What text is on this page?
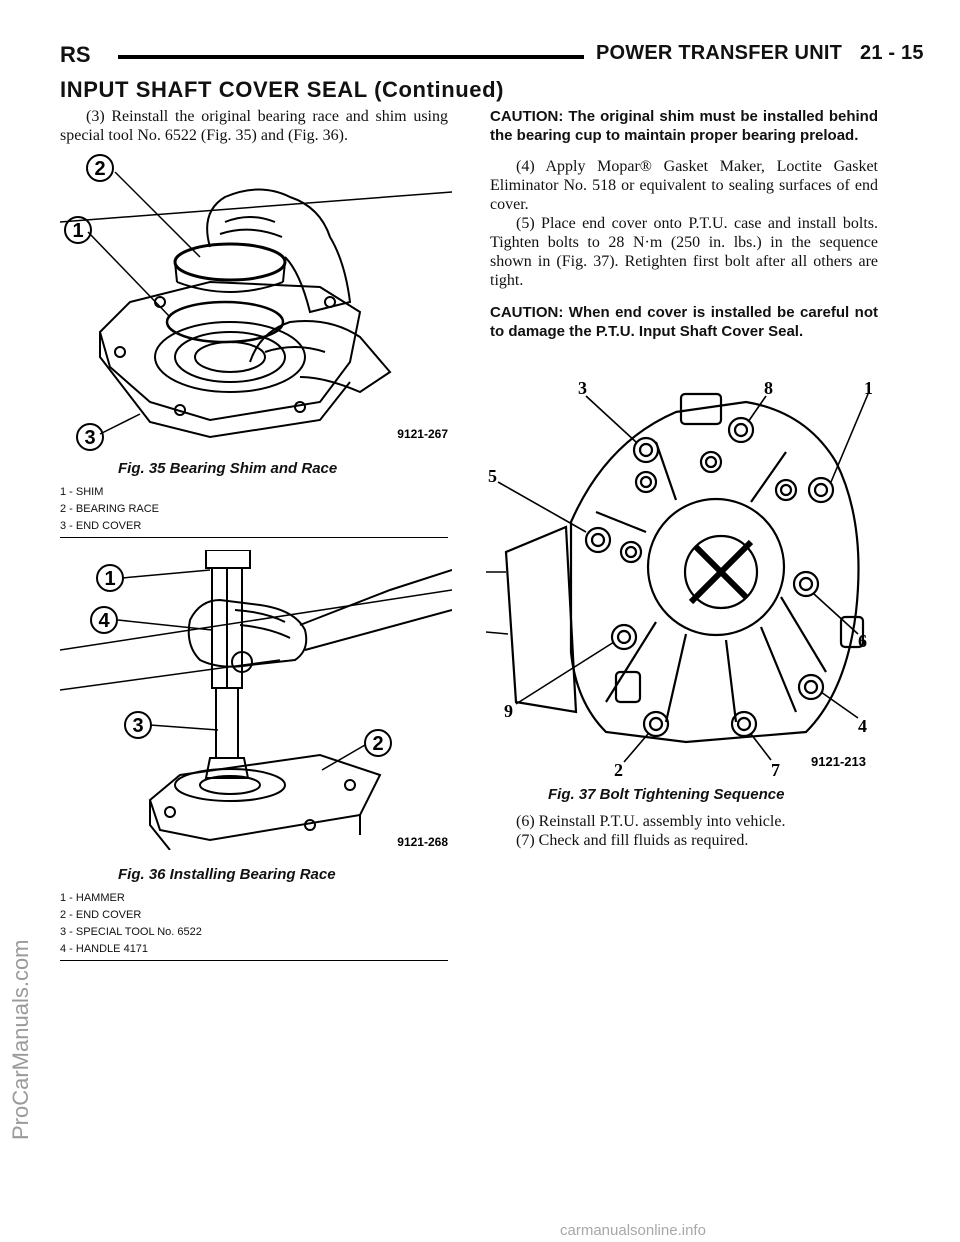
RS	POWER TRANSFER UNIT 21 - 15
INPUT SHAFT COVER SEAL (Continued)

(3) Reinstall the original bearing race and shim using special tool No. 6522 (Fig. 35) and (Fig. 36).

2
1
3	9121-267
Fig. 35 Bearing Shim and Race
1 - SHIM
2 - BEARING RACE
3 - END COVER
1
4
3
2
9121-268
Fig. 36 Installing Bearing Race
1 - HAMMER
2 - END COVER
3 - SPECIAL TOOL No. 6522
4 - HANDLE 4171

CAUTION: The original shim must be installed behind the bearing cup to maintain proper bearing preload.

(4) Apply Mopar® Gasket Maker, Loctite Gasket Eliminator No. 518 or equivalent to sealing surfaces of end cover.

(5) Place end cover onto P.T.U. case and install bolts. Tighten bolts to 28 N·m (250 in. lbs.) in the sequence shown in (Fig. 37). Retighten first bolt after all others are tight.

CAUTION: When end cover is installed be careful not to damage the P.T.U. Input Shaft Cover Seal.

3	8	1
5
6
9
4
2	7 9121-213
Fig. 37 Bolt Tightening Sequence

(6) Reinstall P.T.U. assembly into vehicle.

(7) Check and fill fluids as required.

ProCarManuals.com
carmanualsonline.info
